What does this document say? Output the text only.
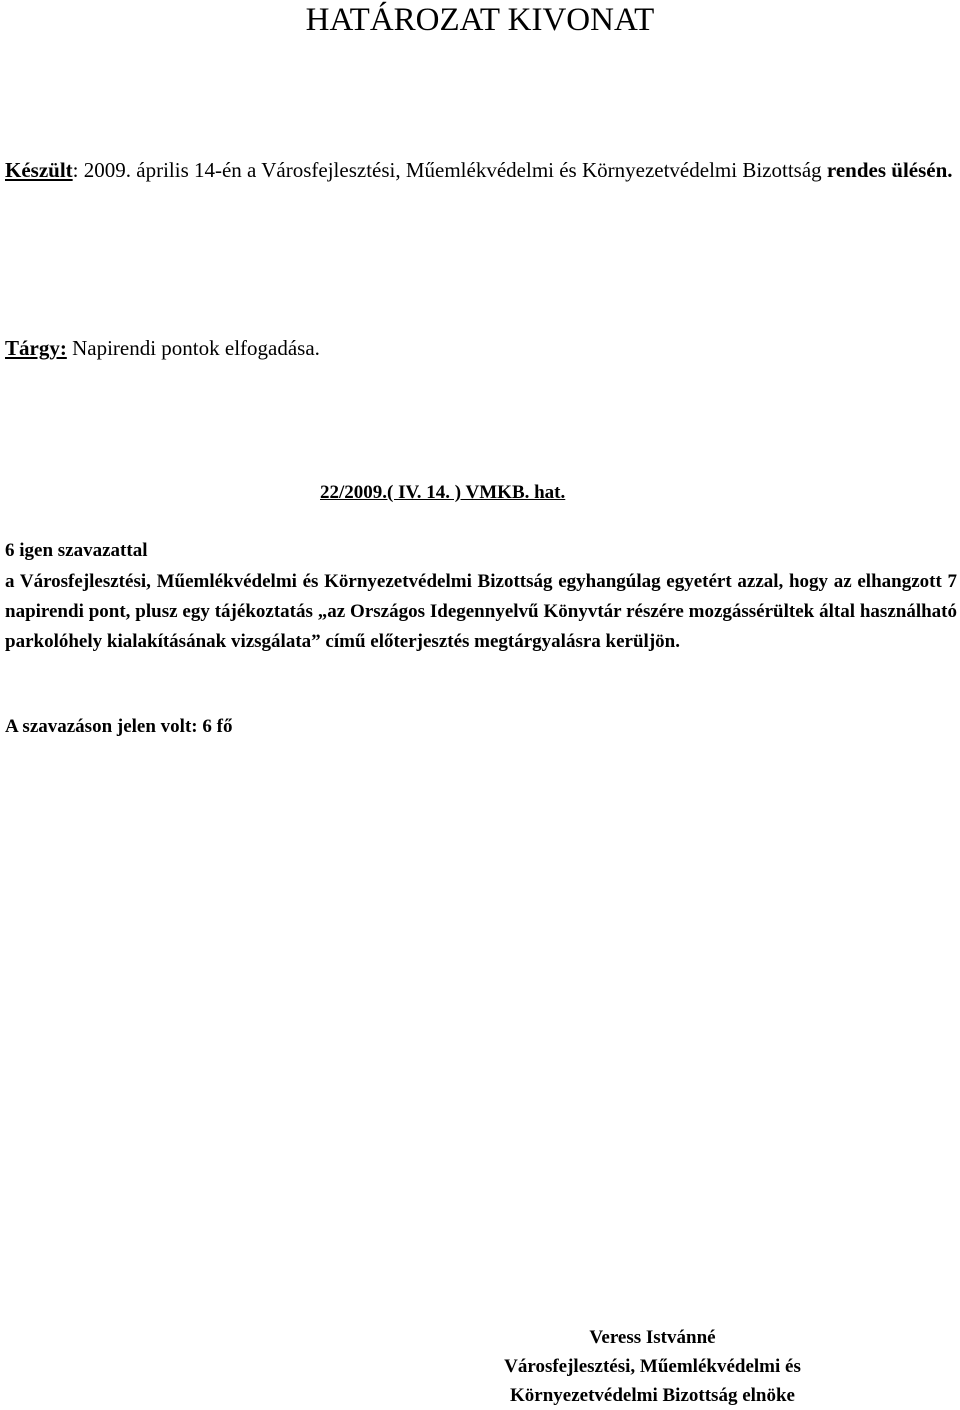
HATÁROZAT KIVONAT
Készült: 2009. április 14-én a Városfejlesztési, Műemlékvédelmi és Környezetvédelmi Bizottság rendes ülésén.
Tárgy: Napirendi pontok elfogadása.
22/2009.( IV. 14. ) VMKB. hat.
6 igen szavazattal
a Városfejlesztési, Műemlékvédelmi és Környezetvédelmi Bizottság egyhangúlag egyetért azzal, hogy az elhangzott 7 napirendi pont, plusz egy tájékoztatás „az Országos Idegennyelvű Könyvtár részére mozgássérültek által használható parkolóhely kialakításának vizsgálata” című előterjesztés megtárgyalásra kerüljön.
A szavazáson jelen volt: 6 fő
Veress Istvánné
Városfejlesztési, Műemlékvédelmi és
Környezetvédelmi Bizottság elnöke
